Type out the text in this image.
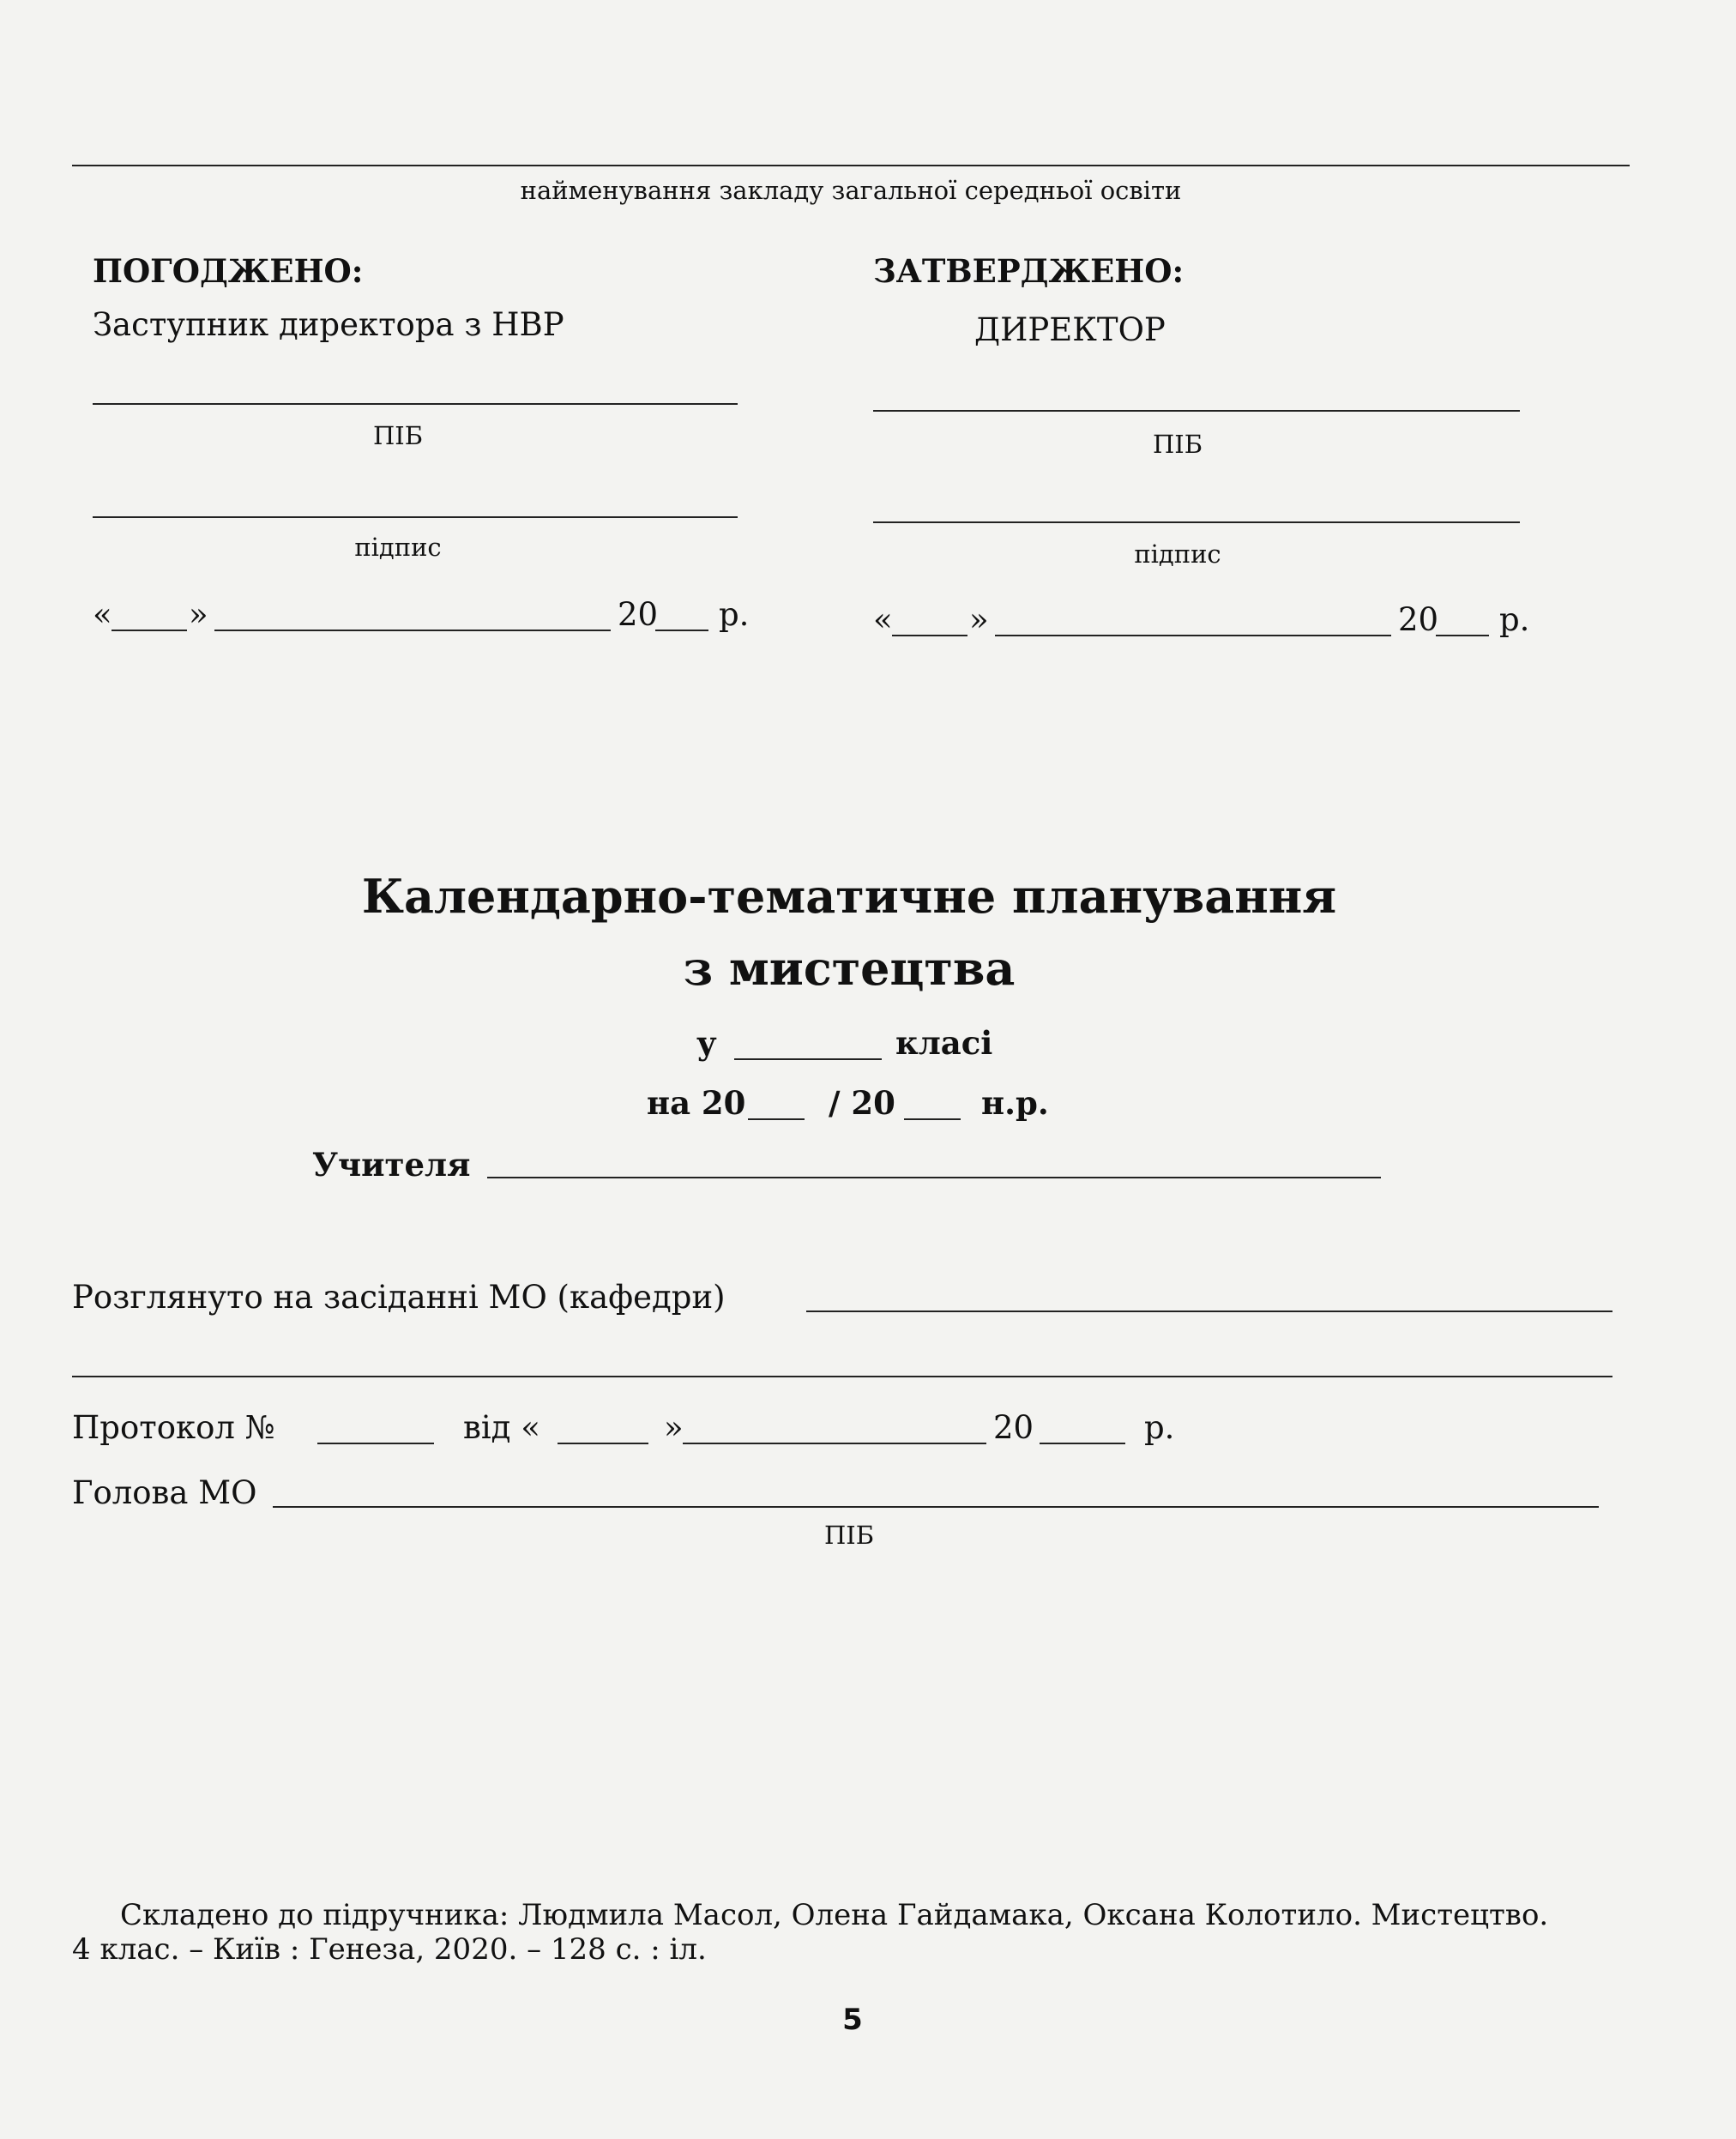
найменування закладу загальної середньої освіти
ПОГОДЖЕНО:
Заступник директора з НВР
ПІБ
підпис
« »	20 р.
ЗАТВЕРДЖЕНО:
ДИРЕКТОР
ПІБ
підпис
« »	20 р.
Календарно-тематичне планування
з мистецтва
у	класі
на 20	/ 20	н.р.
Учителя
Розглянуто на засіданні МО (кафедри)
Протокол №	від «	»	20	р.
Голова МО
ПІБ
Складено до підручника: Людмила Масол, Олена Гайдамака, Оксана Колотило. Мистецтво.
4 клас. – Київ : Генеза, 2020. – 128 с. : іл.
5
